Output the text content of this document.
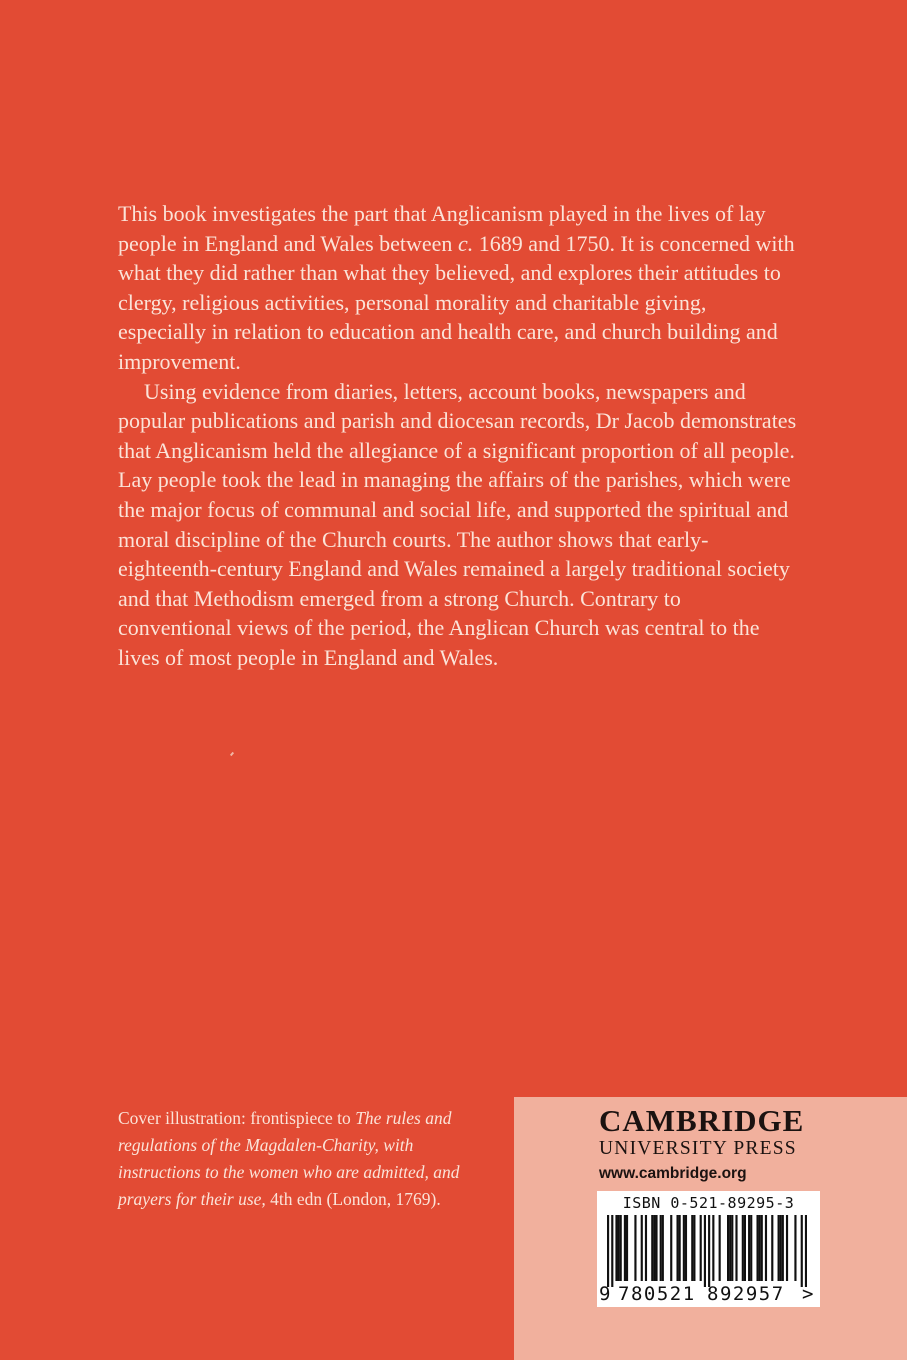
This book investigates the part that Anglicanism played in the lives of lay people in England and Wales between c. 1689 and 1750. It is concerned with what they did rather than what they believed, and explores their attitudes to clergy, religious activities, personal morality and charitable giving, especially in relation to education and health care, and church building and improvement.

Using evidence from diaries, letters, account books, newspapers and popular publications and parish and diocesan records, Dr Jacob demonstrates that Anglicanism held the allegiance of a significant proportion of all people. Lay people took the lead in managing the affairs of the parishes, which were the major focus of communal and social life, and supported the spiritual and moral discipline of the Church courts. The author shows that early-eighteenth-century England and Wales remained a largely traditional society and that Methodism emerged from a strong Church. Contrary to conventional views of the period, the Anglican Church was central to the lives of most people in England and Wales.

Cover illustration: frontispiece to The rules and regulations of the Magdalen-Charity, with instructions to the women who are admitted, and prayers for their use, 4th edn (London, 1769).
CAMBRIDGE
UNIVERSITY PRESS
www.cambridge.org
ISBN 0-521-89295-3
9 780521 892957 >
